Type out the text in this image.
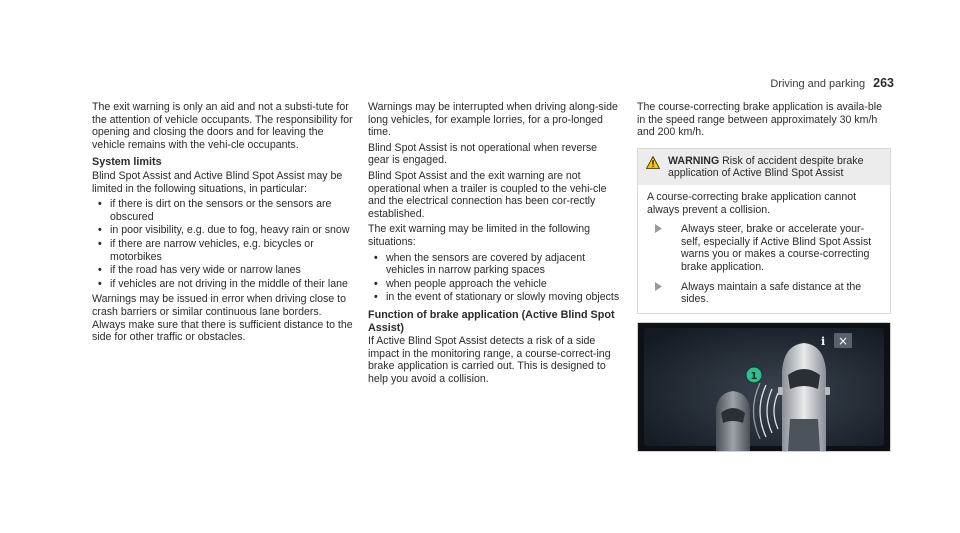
Driving and parking 263

The exit warning is only an aid and not a substi-tute for the attention of vehicle occupants. The responsibility for opening and closing the doors and for leaving the vehicle remains with the vehi-cle occupants.

System limits

Blind Spot Assist and Active Blind Spot Assist may be limited in the following situations, in particular:

• if there is dirt on the sensors or the sensors are obscured
• in poor visibility, e.g. due to fog, heavy rain or snow
• if there are narrow vehicles, e.g. bicycles or motorbikes
• if the road has very wide or narrow lanes
• if vehicles are not driving in the middle of their lane

Warnings may be issued in error when driving close to crash barriers or similar continuous lane borders. Always make sure that there is sufficient distance to the side for other traffic or obstacles.

Warnings may be interrupted when driving along-side long vehicles, for example lorries, for a pro-longed time.

Blind Spot Assist is not operational when reverse gear is engaged.

Blind Spot Assist and the exit warning are not operational when a trailer is coupled to the vehi-cle and the electrical connection has been cor-rectly established.

The exit warning may be limited in the following situations:

• when the sensors are covered by adjacent vehicles in narrow parking spaces
• when people approach the vehicle
• in the event of stationary or slowly moving objects
Function of brake application (Active Blind Spot Assist)

If Active Blind Spot Assist detects a risk of a side impact in the monitoring range, a course-correct-ing brake application is carried out. This is designed to help you avoid a collision.

The course-correcting brake application is availa-ble in the speed range between approximately 30 km/h and 200 km/h.

WARNING Risk of accident despite brake application of Active Blind Spot Assist

A course-correcting brake application cannot always prevent a collision.

Always steer, brake or accelerate your-self, especially if Active Blind Spot Assist warns you or makes a course-correcting brake application.
Always maintain a safe distance at the sides.
i ×
1
